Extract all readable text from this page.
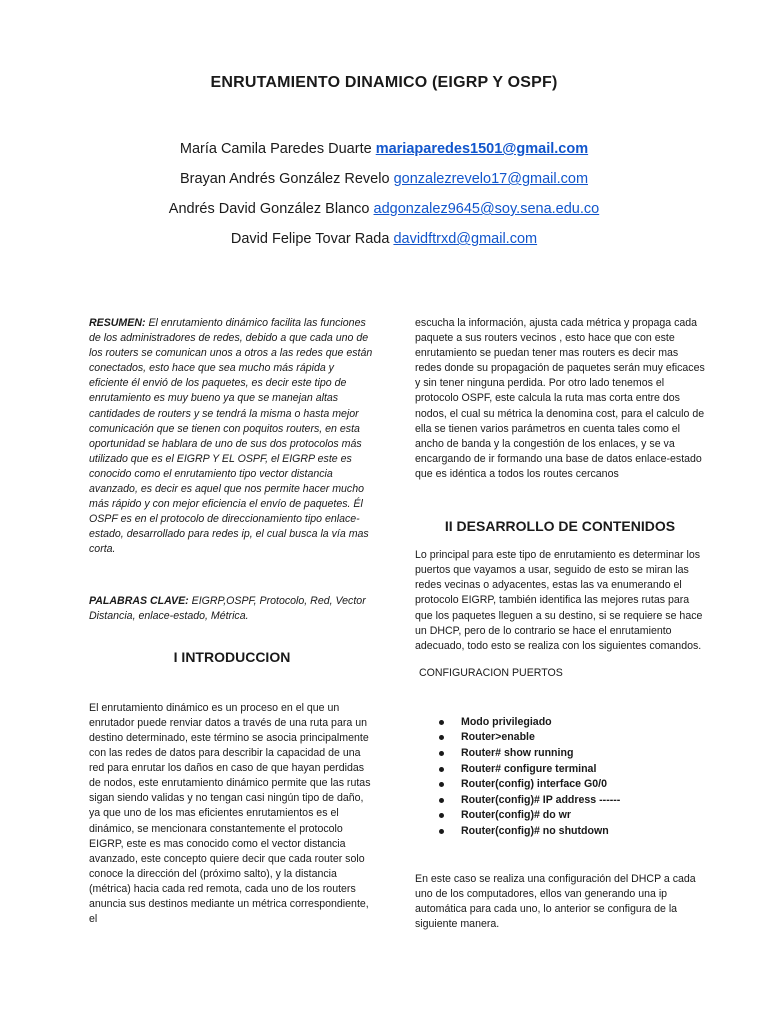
ENRUTAMIENTO DINAMICO (EIGRP Y OSPF)
María Camila Paredes Duarte mariaparedes1501@gmail.com
Brayan Andrés González Revelo gonzalezrevelo17@gmail.com
Andrés David González Blanco adgonzalez9645@soy.sena.edu.co
David Felipe Tovar Rada davidftrxd@gmail.com

RESUMEN: El enrutamiento dinámico facilita las funciones de los administradores de redes, debido a que cada uno de los routers se comunican unos a otros a las redes que están conectados, esto hace que sea mucho más rápida y eficiente él envió de los paquetes, es decir este tipo de enrutamiento es muy bueno ya que se manejan altas cantidades de routers y se tendrá la misma o hasta mejor comunicación que se tienen con poquitos routers, en esta oportunidad se hablara de uno de sus dos protocolos más utilizado que es el EIGRP Y EL OSPF, el EIGRP este es conocido como el enrutamiento tipo vector distancia avanzado, es decir es aquel que nos permite hacer mucho más rápido y con mejor eficiencia el envío de paquetes. Él OSPF es en el protocolo de direccionamiento tipo enlace-estado, desarrollado para redes ip, el cual busca la vía mas corta.

PALABRAS CLAVE: EIGRP,OSPF, Protocolo, Red, Vector Distancia, enlace-estado, Métrica.

I INTRODUCCION

El enrutamiento dinámico es un proceso en el que un enrutador puede renviar datos a través de una ruta para un destino determinado, este término se asocia principalmente con las redes de datos para describir la capacidad de una red para enrutar los daños en caso de que hayan perdidas de nodos, este enrutamiento dinámico permite que las rutas sigan siendo validas y no tengan casi ningún tipo de daño, ya que uno de los mas eficientes enrutamientos es el dinámico, se mencionara constantemente el protocolo EIGRP, este es mas conocido como el vector distancia avanzado, este concepto quiere decir que cada router solo conoce la dirección del (próximo salto), y la distancia (métrica) hacia cada red remota, cada uno de los routers anuncia sus destinos mediante un métrica correspondiente, el

escucha la información, ajusta cada métrica y propaga cada paquete a sus routers vecinos , esto hace que con este enrutamiento se puedan tener mas routers es decir mas redes donde su propagación de paquetes serán muy eficaces y sin tener ninguna perdida. Por otro lado tenemos el protocolo OSPF, este calcula la ruta mas corta entre dos nodos, el cual su métrica la denomina cost, para el calculo de ella se tienen varios parámetros en cuenta tales como el ancho de banda y la congestión de los enlaces, y se va encargando de ir formando una base de datos enlace-estado que es idéntica a todos los routes cercanos

II DESARROLLO DE CONTENIDOS

Lo principal para este tipo de enrutamiento es determinar los puertos que vayamos a usar, seguido de esto se miran las redes vecinas o adyacentes, estas las va enumerando el protocolo EIGRP, también identifica las mejores rutas para que los paquetes lleguen a su destino, si se requiere se hace un DHCP, pero de lo contrario se hace el enrutamiento adecuado, todo esto se realiza con los siguientes comandos.

CONFIGURACION PUERTOS
Modo privilegiado
Router>enable
Router# show running
Router# configure terminal
Router(config) interface G0/0
Router(config)# IP address ------
Router(config)# do wr
Router(config)# no shutdown

En este caso se realiza una configuración del DHCP a cada uno de los computadores, ellos van generando una ip automática para cada uno, lo anterior se configura de la siguiente manera.
